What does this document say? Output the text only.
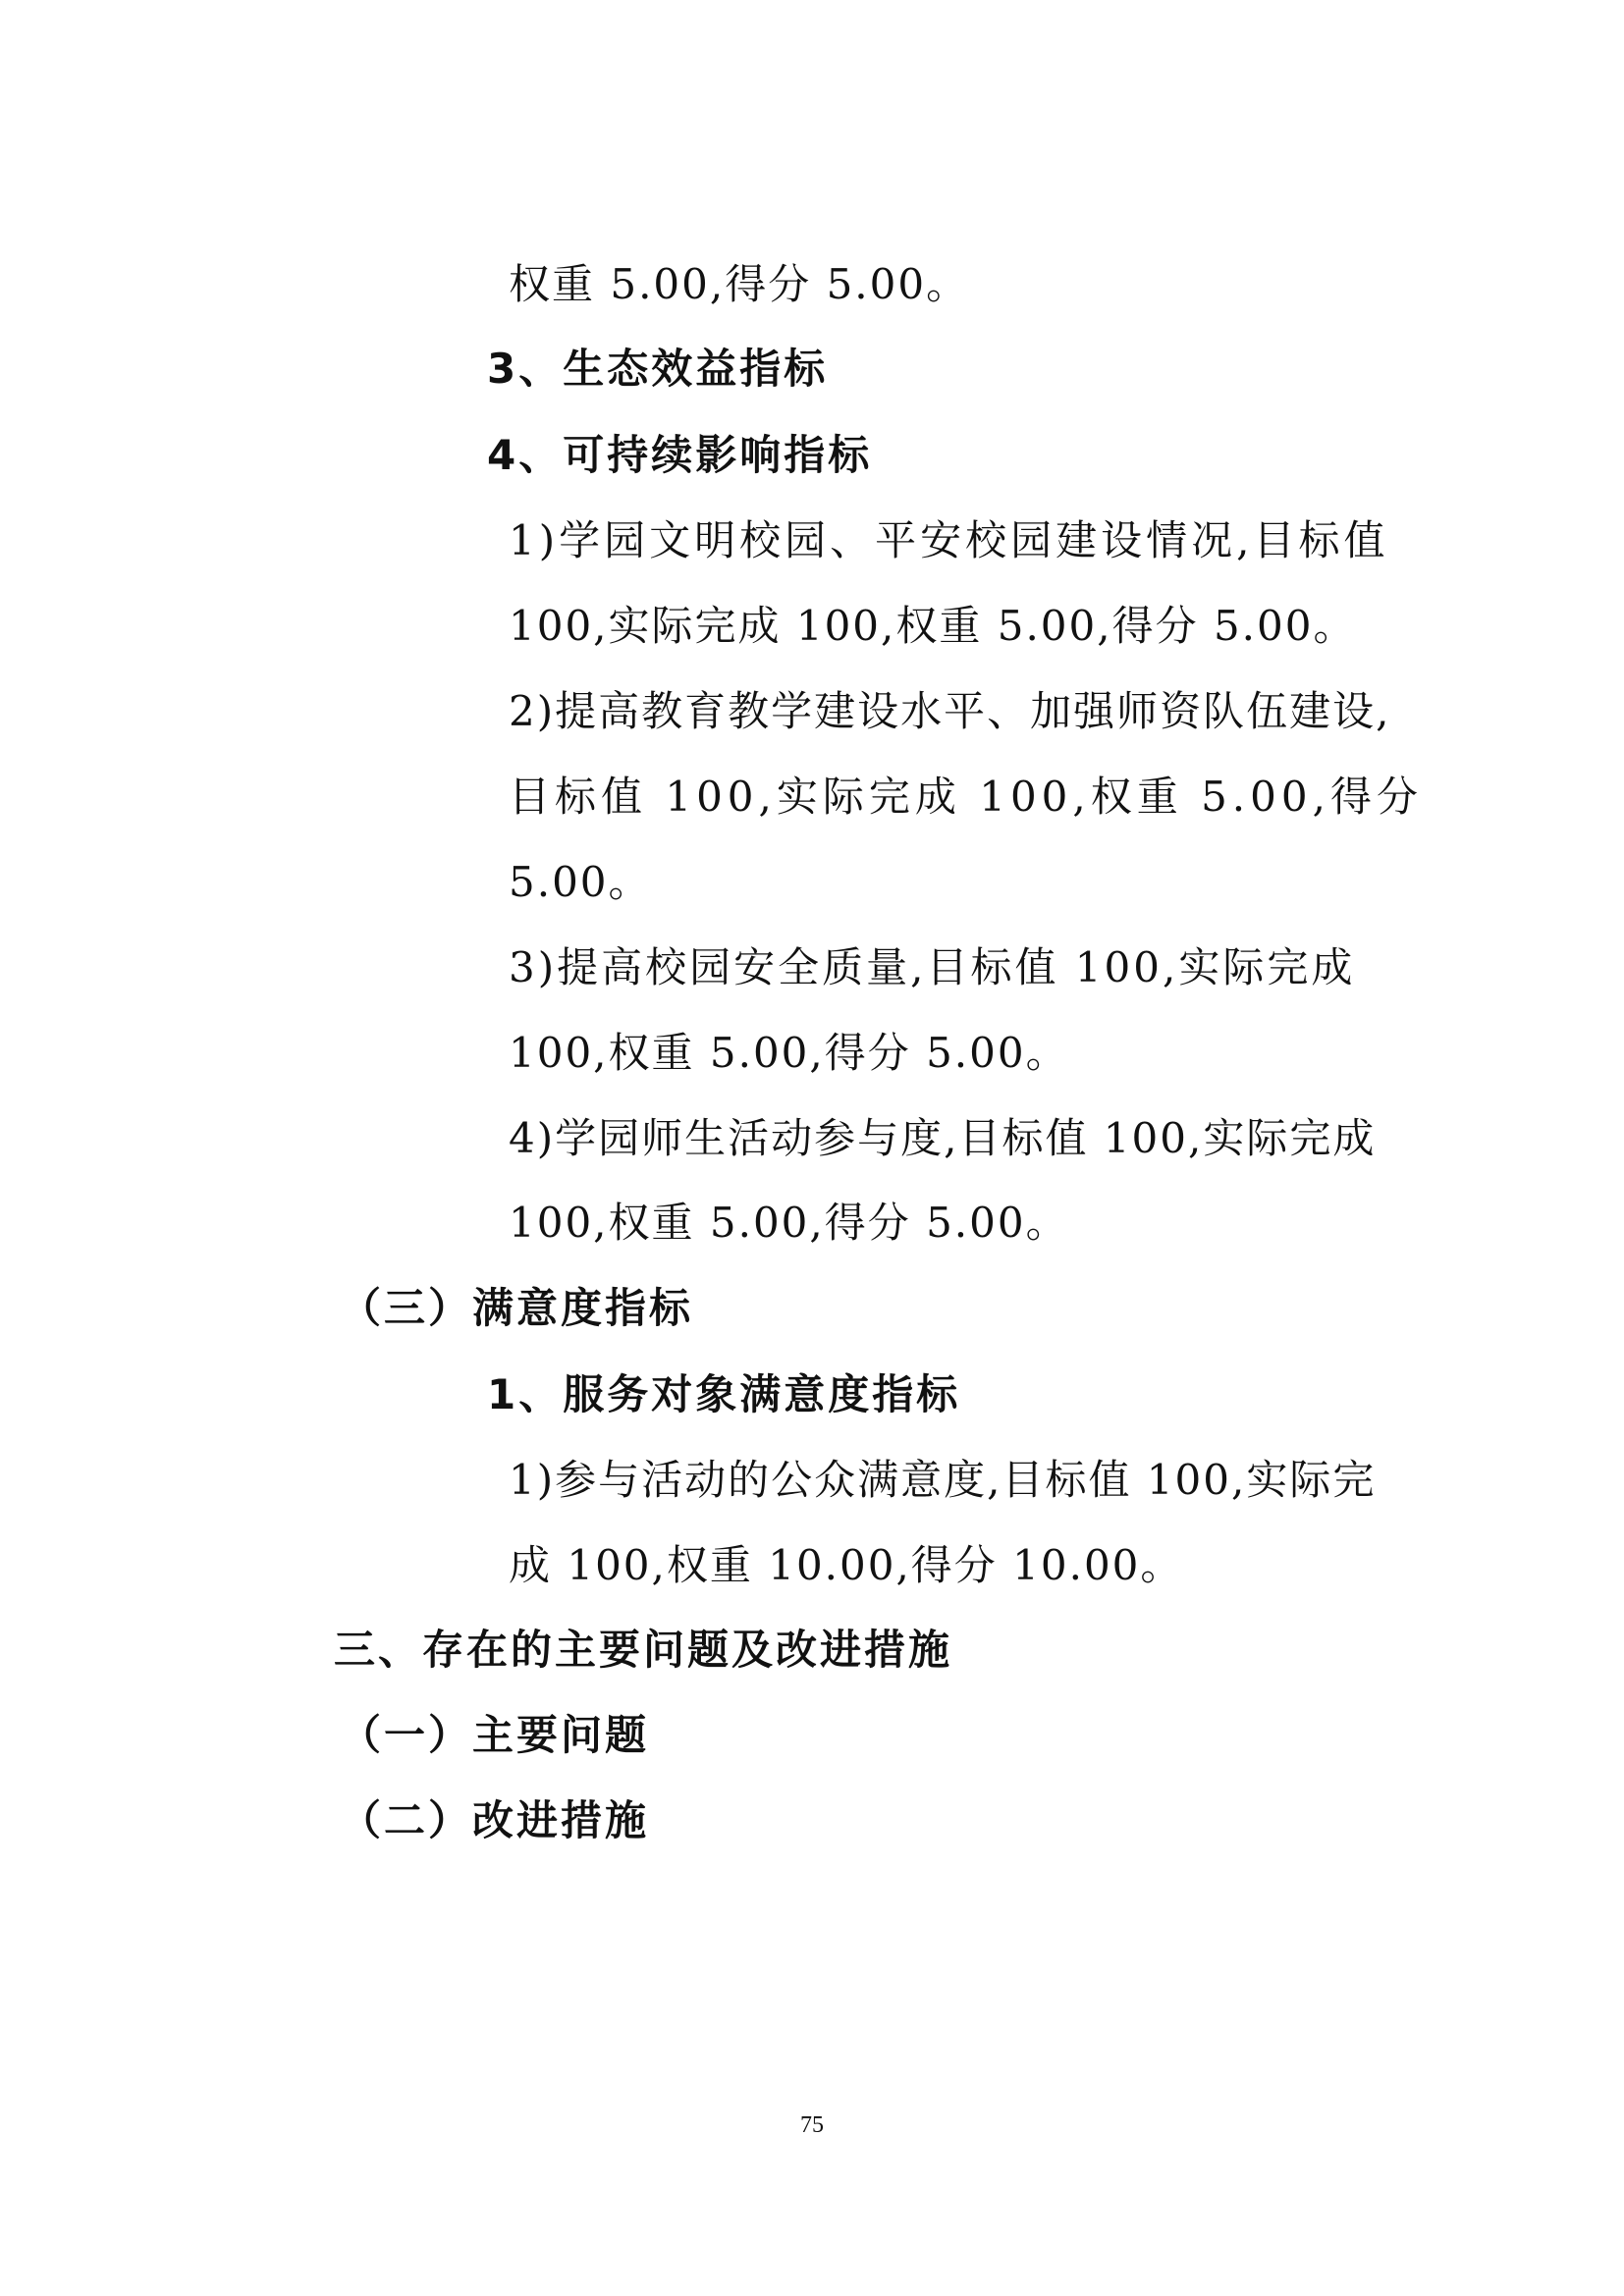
权重 5.00,得分 5.00。
3、生态效益指标
4、可持续影响指标
1)学园文明校园、平安校园建设情况,目标值
100,实际完成 100,权重 5.00,得分 5.00。
2)提高教育教学建设水平、加强师资队伍建设,
目标值 100,实际完成 100,权重 5.00,得分
5.00。
3)提高校园安全质量,目标值 100,实际完成
100,权重 5.00,得分 5.00。
4)学园师生活动参与度,目标值 100,实际完成
100,权重 5.00,得分 5.00。
（三）满意度指标
1、服务对象满意度指标
1)参与活动的公众满意度,目标值 100,实际完
成 100,权重 10.00,得分 10.00。
三、存在的主要问题及改进措施
（一）主要问题
（二）改进措施
75
